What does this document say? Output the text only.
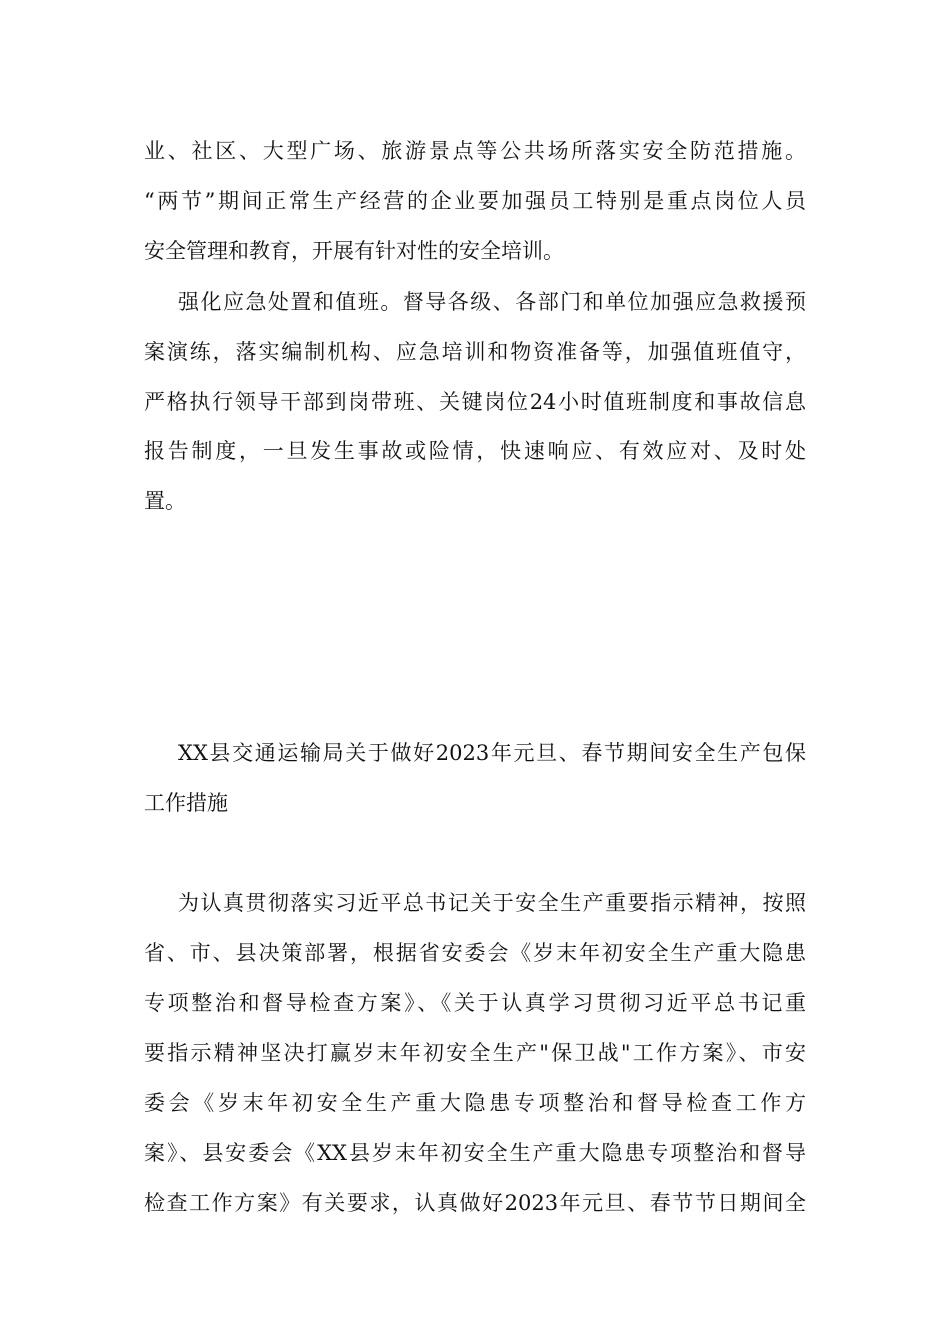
业、社区、大型广场、旅游景点等公共场所落实安全防范措施。
“两节”期间正常生产经营的企业要加强员工特别是重点岗位人员
安全管理和教育，开展有针对性的安全培训。
强化应急处置和值班。督导各级、各部门和单位加强应急救援预
案演练，落实编制机构、应急培训和物资准备等，加强值班值守，
严格执行领导干部到岗带班、关键岗位24小时值班制度和事故信息
报告制度，一旦发生事故或险情，快速响应、有效应对、及时处
置。
XX县交通运输局关于做好2023年元旦、春节期间安全生产包保
工作措施
为认真贯彻落实习近平总书记关于安全生产重要指示精神，按照
省、市、县决策部署，根据省安委会《岁末年初安全生产重大隐患
专项整治和督导检查方案》、《关于认真学习贯彻习近平总书记重
要指示精神坚决打赢岁末年初安全生产"保卫战"工作方案》、市安
委会《岁末年初安全生产重大隐患专项整治和督导检查工作方
案》、县安委会《XX县岁末年初安全生产重大隐患专项整治和督导
检查工作方案》有关要求，认真做好2023年元旦、春节节日期间全
